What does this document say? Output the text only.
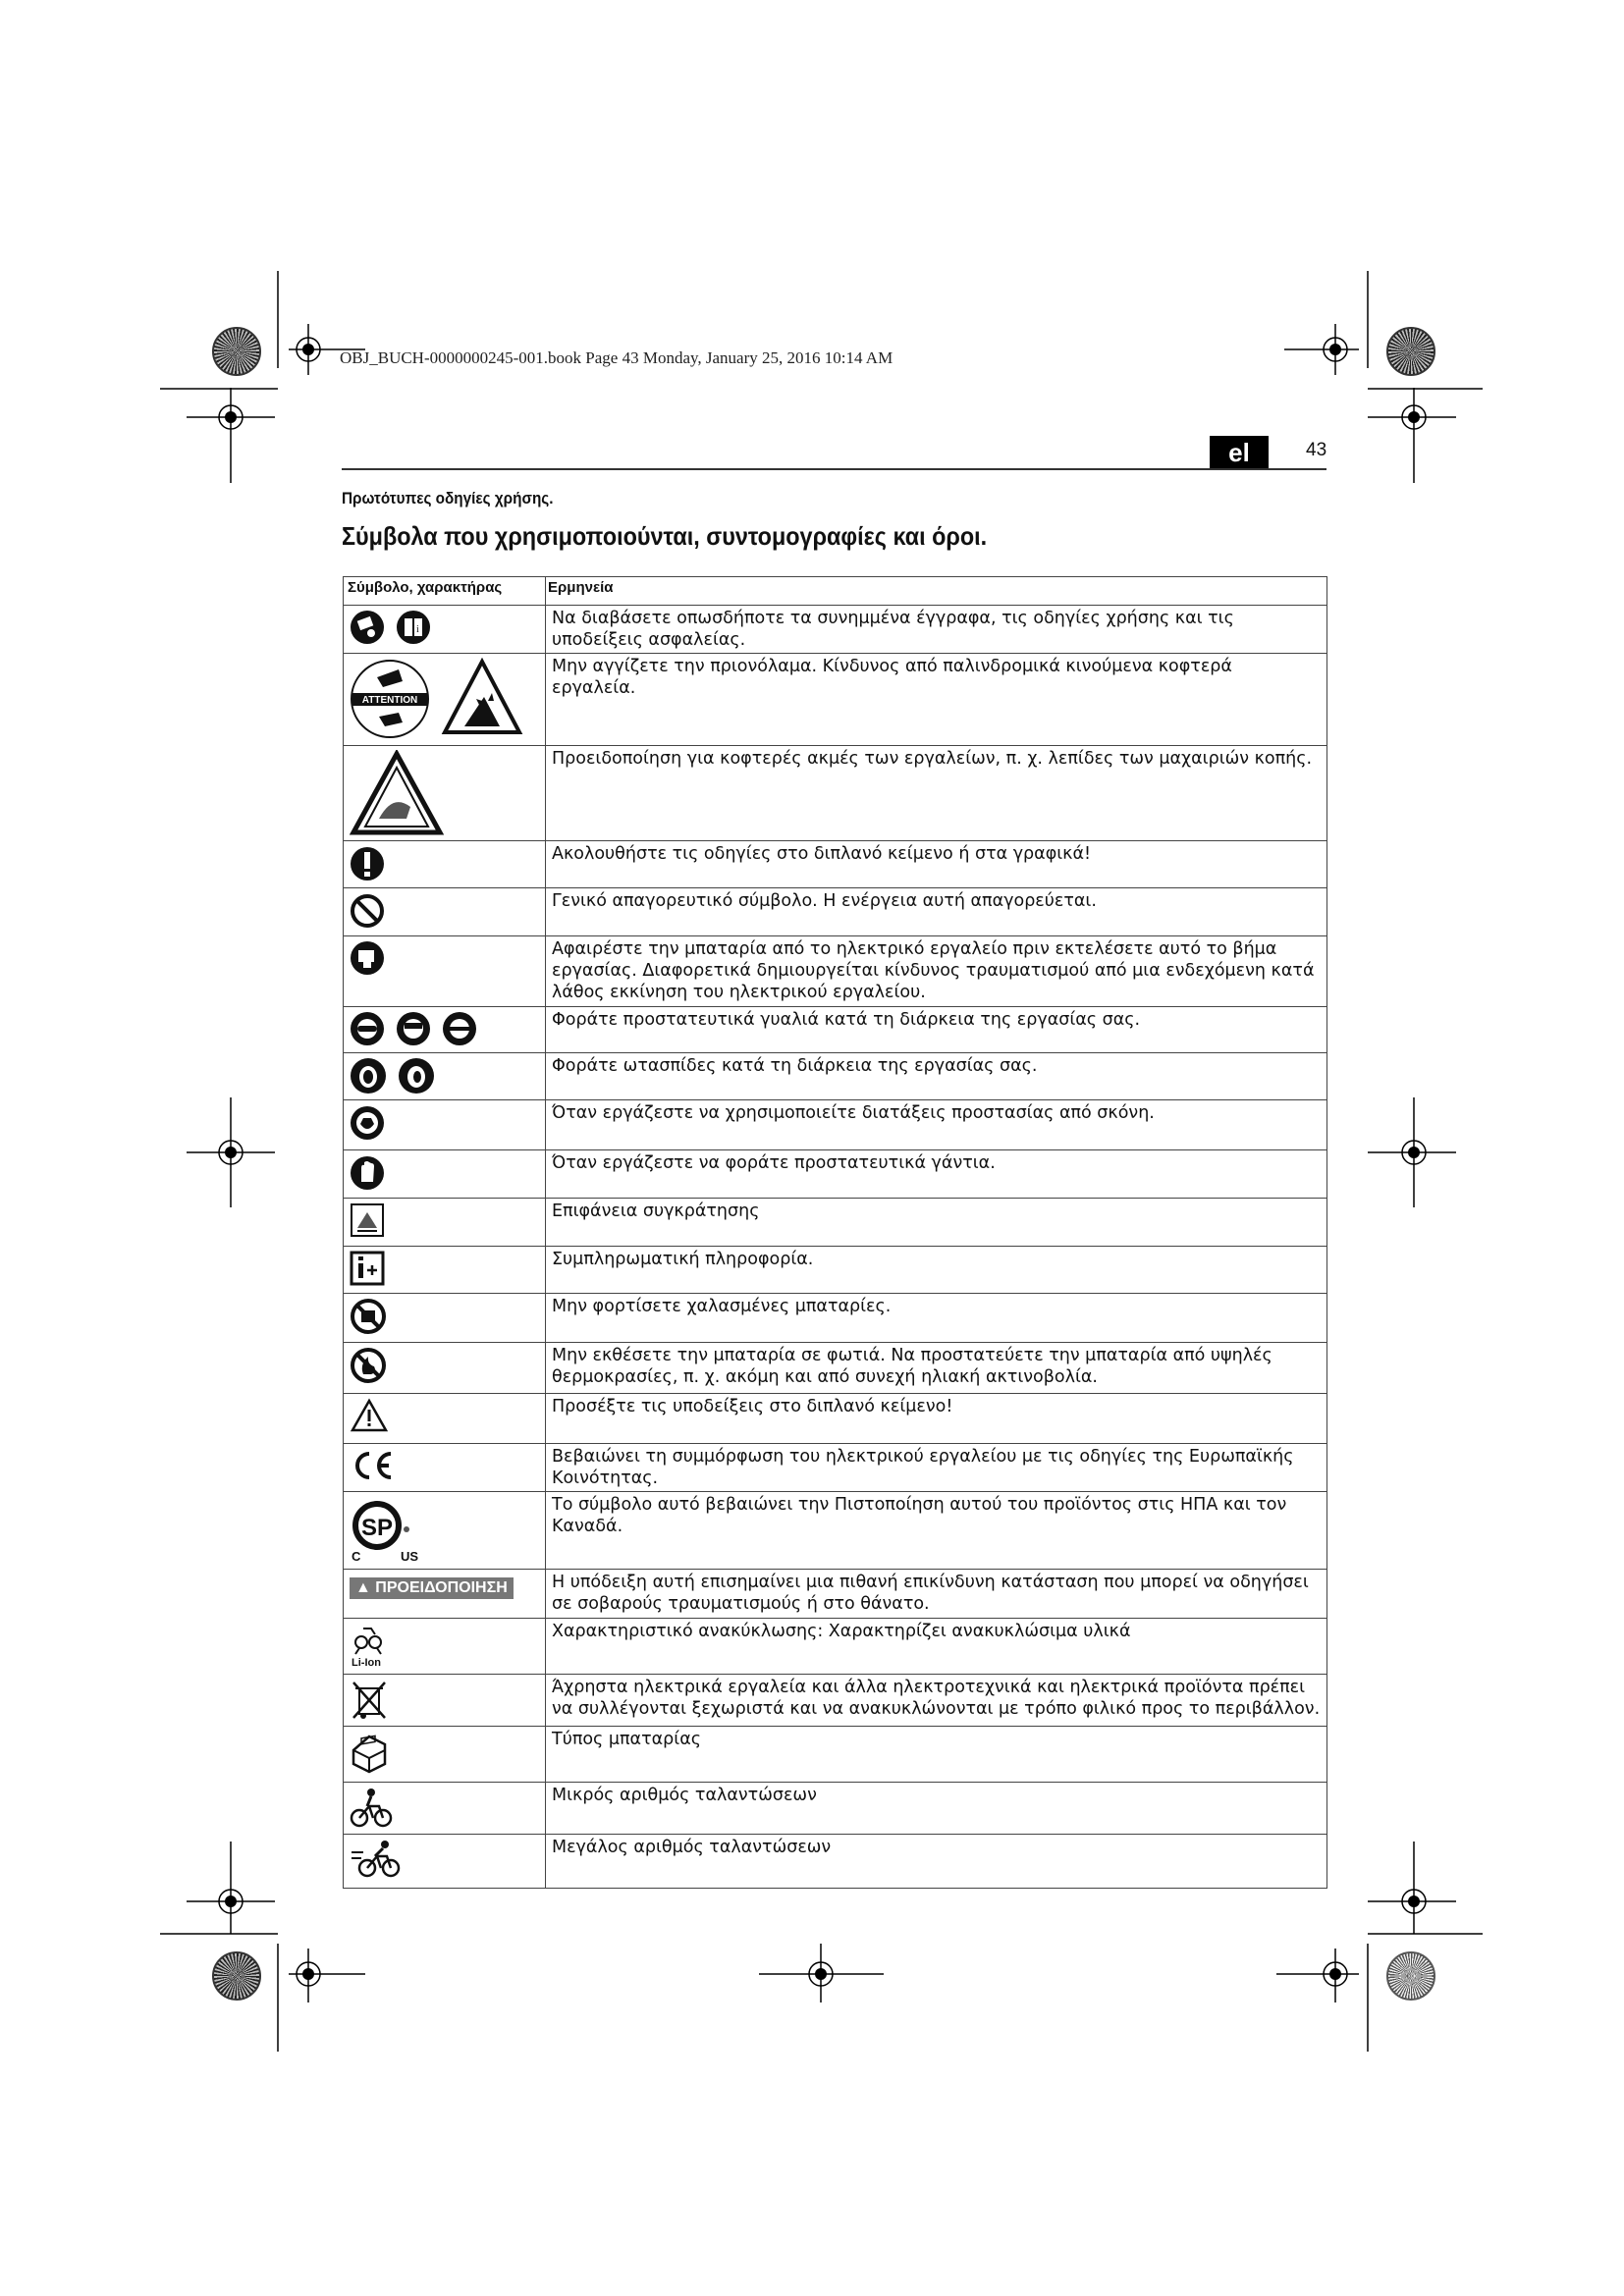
OBJ_BUCH-0000000245-001.book Page 43 Monday, January 25, 2016 10:14 AM
el	43
Πρωτότυπες οδηγίες χρήσης.
Σύμβολα που χρησιμοποιούνται, συντομογραφίες και όροι.
Σύμβολο, χαρακτήρας	Ερμηνεία

i	Να διαβάσετε οπωσδήποτε τα συνημμένα έγγραφα, τις οδηγίες χρήσης και τις υποδείξεις ασφαλείας.

ATTENTION	Μην αγγίζετε την πριονόλαμα. Κίνδυνος από παλινδρομικά κινούμενα κοφτερά εργαλεία.
	Προειδοποίηση για κοφτερές ακμές των εργαλείων, π. χ. λεπίδες των μαχαιριών κοπής.
	Ακολουθήστε τις οδηγίες στο διπλανό κείμενο ή στα γραφικά!
	Γενικό απαγορευτικό σύμβολο. Η ενέργεια αυτή απαγορεύεται.
	Αφαιρέστε την μπαταρία από το ηλεκτρικό εργαλείο πριν εκτελέσετε αυτό το βήμα εργασίας. Διαφορετικά δημιουργείται κίνδυνος τραυματισμού από μια ενδεχόμενη κατά λάθος εκκίνηση του ηλεκτρικού εργαλείου.
	Φοράτε προστατευτικά γυαλιά κατά τη διάρκεια της εργασίας σας.
	Φοράτε ωτασπίδες κατά τη διάρκεια της εργασίας σας.
	Όταν εργάζεστε να χρησιμοποιείτε διατάξεις προστασίας από σκόνη.
	Όταν εργάζεστε να φοράτε προστατευτικά γάντια.
	Επιφάνεια συγκράτησης
	Συμπληρωματική πληροφορία.
	Μην φορτίσετε χαλασμένες μπαταρίες.
	Μην εκθέσετε την μπαταρία σε φωτιά. Να προστατεύετε την μπαταρία από υψηλές θερμοκρασίες, π. χ. ακόμη και από συνεχή ηλιακή ακτινοβολία.
	Προσέξτε τις υποδείξεις στο διπλανό κείμενο!
	Βεβαιώνει τη συμμόρφωση του ηλεκτρικού εργαλείου με τις οδηγίες της Ευρωπαϊκής Κοινότητας.

SP
C US	Το σύμβολο αυτό βεβαιώνει την Πιστοποίηση αυτού του προϊόντος στις ΗΠΑ και τον Καναδά.
▲ ΠΡΟΕΙΔΟΠΟΙΗΣΗ	Η υπόδειξη αυτή επισημαίνει μια πιθανή επικίνδυνη κατάσταση που μπορεί να οδηγήσει σε σοβαρούς τραυματισμούς ή στο θάνατο.

Li-Ion	Χαρακτηριστικό ανακύκλωσης: Χαρακτηρίζει ανακυκλώσιμα υλικά
	Άχρηστα ηλεκτρικά εργαλεία και άλλα ηλεκτροτεχνικά και ηλεκτρικά προϊόντα πρέπει να συλλέγονται ξεχωριστά και να ανακυκλώνονται με τρόπο φιλικό προς το περιβάλλον.
	Τύπος μπαταρίας
	Μικρός αριθμός ταλαντώσεων
	Μεγάλος αριθμός ταλαντώσεων
